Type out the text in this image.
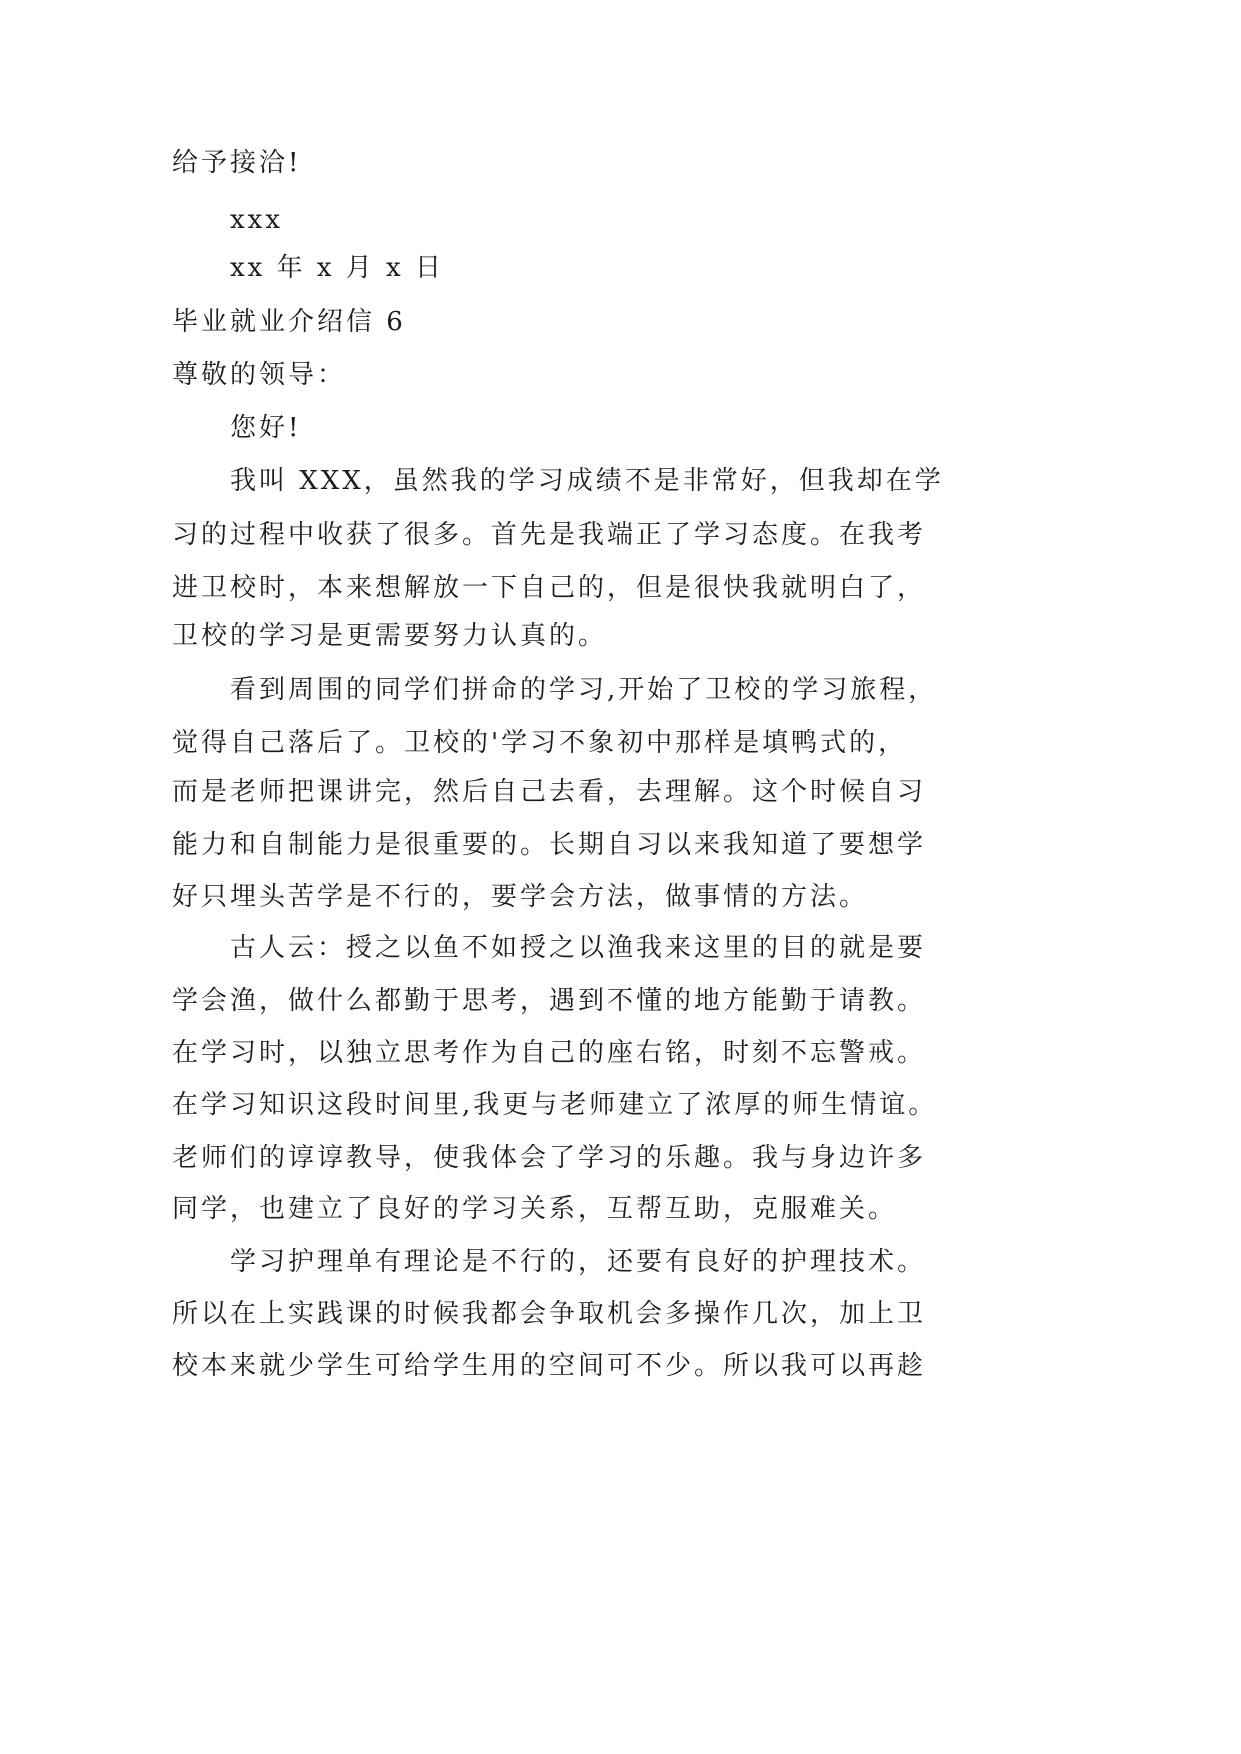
给予接洽!
xxx
xx 年 x 月 x 日
毕业就业介绍信 6
尊敬的领导：
您好!
我叫 XXX，虽然我的学习成绩不是非常好，但我却在学
习的过程中收获了很多。首先是我端正了学习态度。在我考
进卫校时，本来想解放一下自己的，但是很快我就明白了，
卫校的学习是更需要努力认真的。
看到周围的同学们拼命的学习,开始了卫校的学习旅程，
觉得自己落后了。卫校的'学习不象初中那样是填鸭式的，
而是老师把课讲完，然后自己去看，去理解。这个时候自习
能力和自制能力是很重要的。长期自习以来我知道了要想学
好只埋头苦学是不行的，要学会方法，做事情的方法。
古人云：授之以鱼不如授之以渔我来这里的目的就是要
学会渔，做什么都勤于思考，遇到不懂的地方能勤于请教。
在学习时，以独立思考作为自己的座右铭，时刻不忘警戒。
在学习知识这段时间里,我更与老师建立了浓厚的师生情谊。
老师们的谆谆教导，使我体会了学习的乐趣。我与身边许多
同学，也建立了良好的学习关系，互帮互助，克服难关。
学习护理单有理论是不行的，还要有良好的护理技术。
所以在上实践课的时候我都会争取机会多操作几次，加上卫
校本来就少学生可给学生用的空间可不少。所以我可以再趁
